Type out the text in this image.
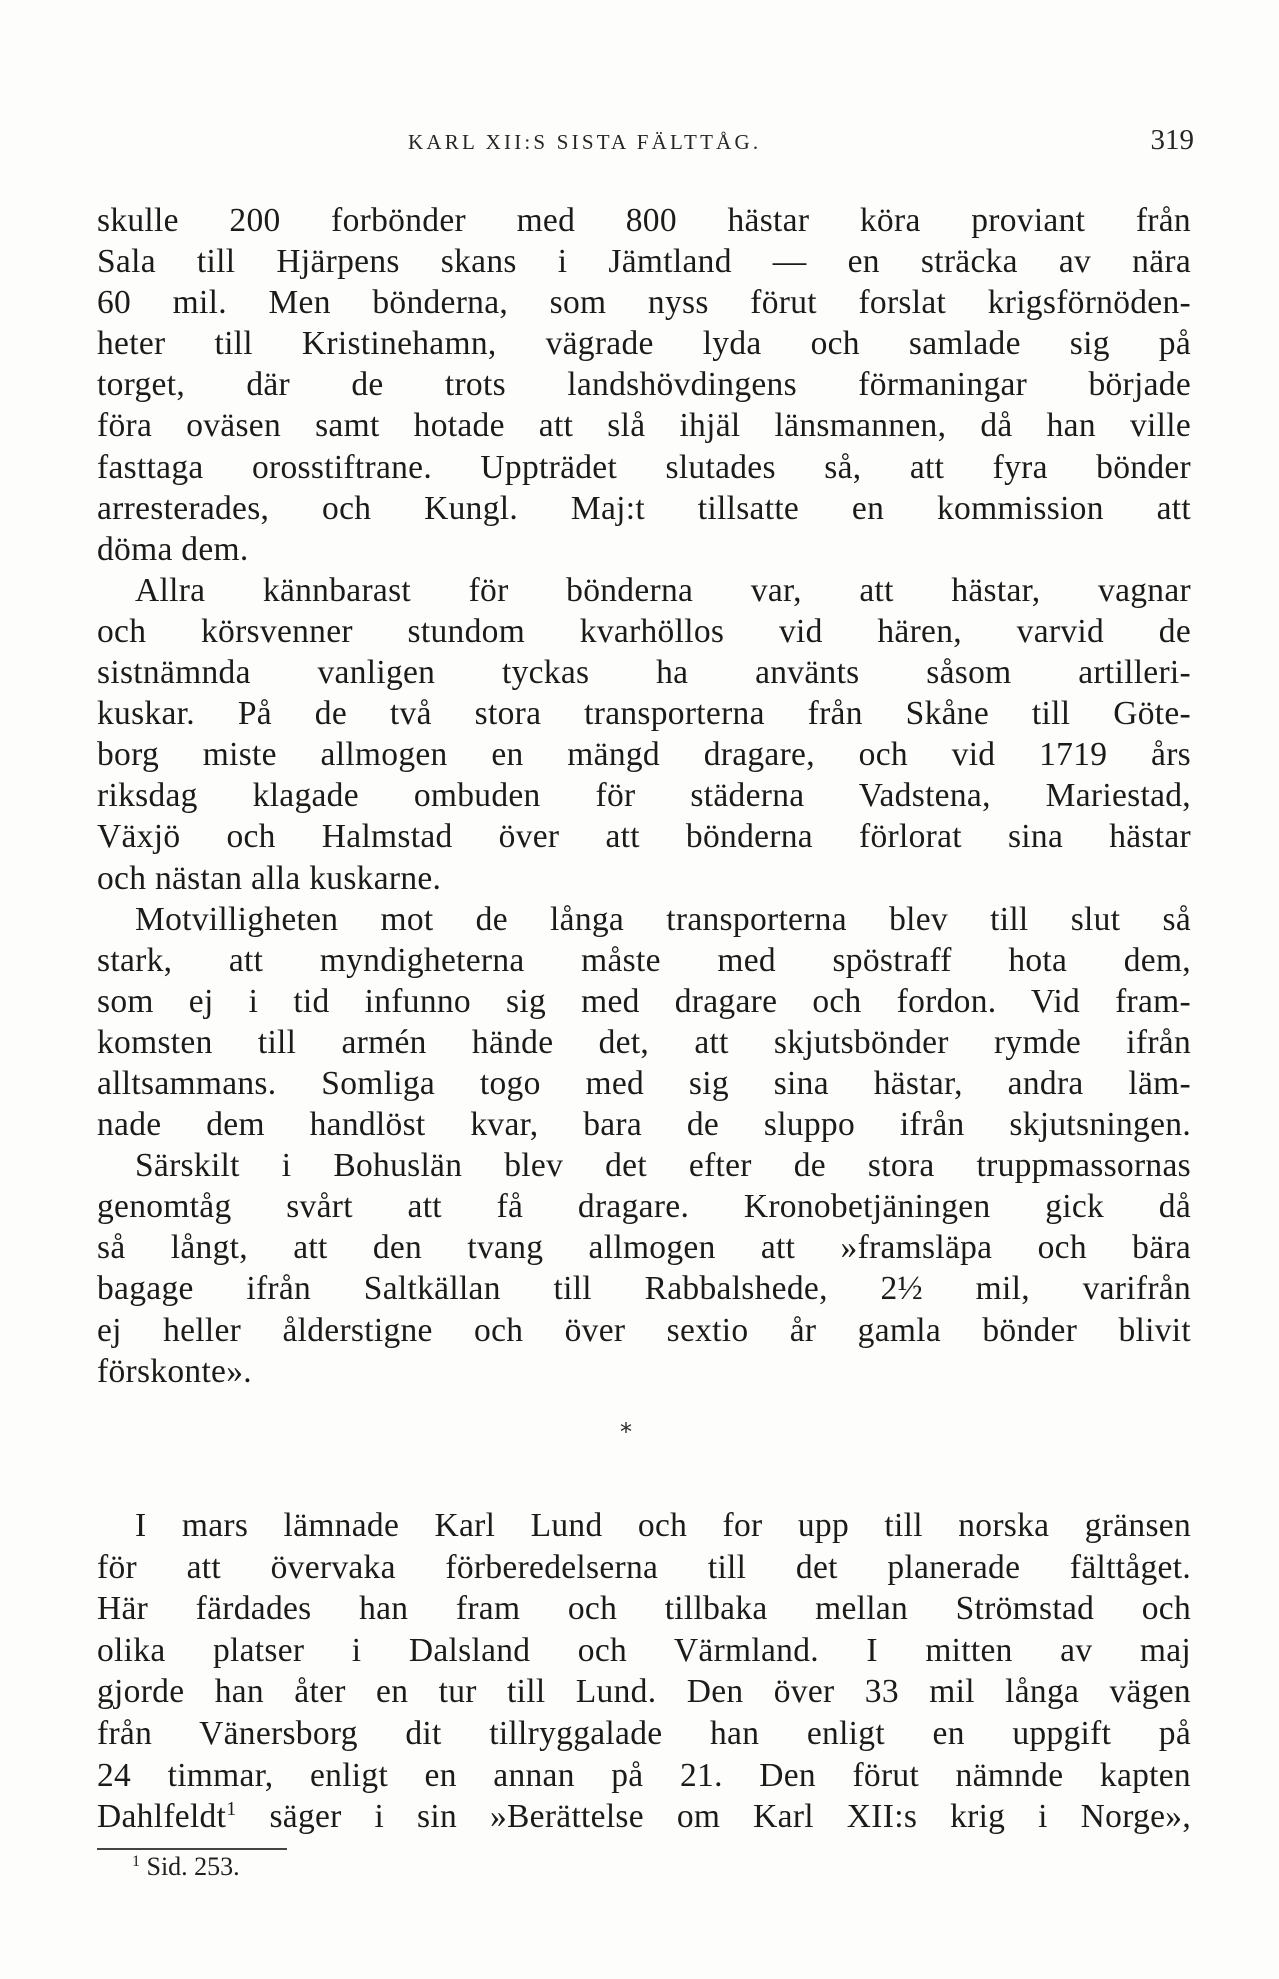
KARL XII:S SISTA FÄLTTÅG.	319
skulle 200 forbönder med 800 hästar köra proviant från
Sala till Hjärpens skans i Jämtland — en sträcka av nära
60 mil. Men bönderna, som nyss förut forslat krigsförnöden-
heter till Kristinehamn, vägrade lyda och samlade sig på
torget, där de trots landshövdingens förmaningar började
föra oväsen samt hotade att slå ihjäl länsmannen, då han ville
fasttaga orosstiftrane. Uppträdet slutades så, att fyra bönder
arresterades, och Kungl. Maj:t tillsatte en kommission att
döma dem.
Allra kännbarast för bönderna var, att hästar, vagnar
och körsvenner stundom kvarhöllos vid hären, varvid de
sistnämnda vanligen tyckas ha använts såsom artilleri-
kuskar. På de två stora transporterna från Skåne till Göte-
borg miste allmogen en mängd dragare, och vid 1719 års
riksdag klagade ombuden för städerna Vadstena, Mariestad,
Växjö och Halmstad över att bönderna förlorat sina hästar
och nästan alla kuskarne.
Motvilligheten mot de långa transporterna blev till slut så
stark, att myndigheterna måste med spöstraff hota dem,
som ej i tid infunno sig med dragare och fordon. Vid fram-
komsten till armén hände det, att skjutsbönder rymde ifrån
alltsammans. Somliga togo med sig sina hästar, andra läm-
nade dem handlöst kvar, bara de sluppo ifrån skjutsningen.
Särskilt i Bohuslän blev det efter de stora truppmassornas
genomtåg svårt att få dragare. Kronobetjäningen gick då
så långt, att den tvang allmogen att »framsläpa och bära
bagage ifrån Saltkällan till Rabbalshede, 2½ mil, varifrån
ej heller ålderstigne och över sextio år gamla bönder blivit
förskonte».
*
I mars lämnade Karl Lund och for upp till norska gränsen
för att övervaka förberedelserna till det planerade fälttåget.
Här färdades han fram och tillbaka mellan Strömstad och
olika platser i Dalsland och Värmland. I mitten av maj
gjorde han åter en tur till Lund. Den över 33 mil långa vägen
från Vänersborg dit tillryggalade han enligt en uppgift på
24 timmar, enligt en annan på 21. Den förut nämnde kapten
Dahlfeldt$^1$ säger i sin »Berättelse om Karl XII:s krig i Norge»,
$^1$ Sid. 253.
